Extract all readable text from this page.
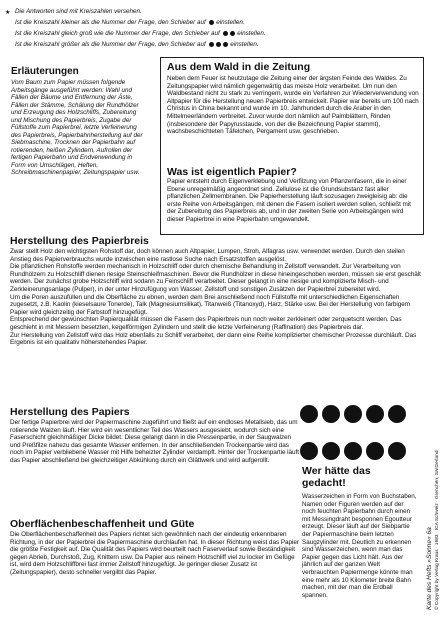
★ Die Antworten sind mit Kreiszahlen versehen.
Ist die Kreiszahl kleiner als die Nummer der Frage, den Schieber auf einstellen.
Ist die Kreiszahl gleich groß wie die Nummer der Frage, den Schieber auf	einstellen.
Ist die Kreiszahl größer als die Nummer der Frage, den Schieber auf	einstellen.
Erläuterungen
Vom Baum zum Papier müssen folgende Arbeitsgänge ausgeführt werden: Wahl und Fällen der Bäume und Entfernung der Äste, Fällen der Stämme, Schälung der Rundhölzer und Erzeugung des Holzschliffs, Zubereitung und Mischung des Papierbreis, Zugabe der Füllstoffe zum Papierbrei, letzte Verfeinerung des Papierbreis, Papierbahnherstellung auf der Siebmaschine, Trocknen der Papierbahn auf rotierenden, heißen Zylindern, Aufrollen der fertigen Papierbahn und Endverwendung in Form von Umschlägen, Heften, Schreibmaschinenpapier, Zeitungspapier usw.
Aus dem Wald in die Zeitung
Neben dem Feuer ist heutzutage die Zeitung einer der ärgsten Feinde des Waldes. Zu Zeitungspapier wird nämlich gegenwärtig das meiste Holz verarbeitet. Um nun den Waldbestand nicht zu stark zu verringern, wurde ein Verfahren zur Wiederverwendung von Altpapier für die Herstellung neuen Papierbreis entwickelt. Papier war bereits um 100 nach Christus in China bekannt und wurde im 10. Jahrhundert durch die Araber in den Mittelmeerländern verbreitet. Zuvor wurde dort nämlich auf Palmblättern, Rinden (insbesondere der Papyrusstaude, von der die Bezeichnung Papier stammt), wachsbeschichteten Täfelchen, Pergament usw. geschrieben.
Was ist eigentlich Papier?
Papier entsteht durch Eigenverklebung und Verfilzung von Pflanzenfasern, die in einer Ebene unregelmäßig angeordnet sind. Zellulose ist die Grundsubstanz fast aller pflanzlichen Zellmembranen. Die Papierherstellung läuft sozusagen zweigleisig ab: die erste Reihe von Arbeitsgängen, mit denen die Fasern isoliert werden sollen, schließt mit der Zubereitung des Papierbreis ab, und in der zweiten Serie von Arbeitsgängen wird dieser Papierbrei in eine Papierbahn umgewandelt.
Herstellung des Papierbreis
Zwar stellt Holz den wichtigsten Rohstoff dar, doch können auch Altpapier, Lumpen, Stroh, Alfagras usw. verwendet werden. Durch den steilen Anstieg des Papierverbrauchs wurde inzwischen eine rastlose Suche nach Ersatzstoffen ausgelöst.
Die pflanzlichen Rohstoffe werden mechanisch in Holzschliff oder durch chemische Behandlung in Zellstoff verwandelt. Zur Verarbeitung von Rundhölzern zu Holzschliff dienen riesige Steinschleifmaschinen. Bevor die Rundhölzer in diese hineingeschoben werden, müssen sie erst geschält werden. Der zunächst grobe Holzschliff wird sodann zu Feinschliff verarbeitet. Dieser gelangt in eine riesige und komplizierte Misch- und Zerkleinerungsanlage (Pulper), in der unter Hinzufügung von Wasser, Zellstoff und sonstigen Zusätzen der Papierbrei zubereitet wird.
Um die Poren auszufüllen und die Oberfläche zu ebnen, werden dem Brei anschließend noch Füllstoffe mit unterschiedlichen Eigenschaften zugesetzt, z.B. Kaolin (kieselsaure Tonerde), Talk (Magnesiumsilikat), Titanweiß (Titanoxyd), Harz, Stärke usw. Bei der Herstellung von farbigem Papier wird gleichzeitig der Farbstoff hinzugefügt.
Entsprechend der gewünschten Papierqualität müssen die Fasern des Papierbreis nun noch weiter zerkleinert oder zerquetscht werden. Das geschieht in mit Messern besetzten, kegelförmigen Zylindern und stellt die letzte Verfeinerung (Raffination) des Papierbreis dar.
Zur Herstellung von Zellstoff wird das Holz ebenfalls zu Schliff verarbeitet, der dann eine Reihe komplizierter chemischer Prozesse durchläuft. Das Ergebnis ist ein qualitativ höherstehendes Papier.
Herstellung des Papiers
Der fertige Papierbrei wird der Papiermaschine zugeführt und fließt auf ein endloses Metallsieb, das um rotierende Walzen läuft. Hier wird ein wesentlicher Teil des Wassers ausgesiebt, wodurch sich eine Faserschicht gleichmäßiger Dicke bildet. Diese gelangt dann in die Pressenpartie, in der Saugwalzen und Preßfilze nahezu das gesamte Wasser entfernen. In der anschließenden Trockenpartie wird das noch im Papier verbliebene Wasser mit Hilfe beheizter Zylinder verdampft. Hinter der Trockenpartie läuft das Papier abschließend bei gleichzeitiger Abkühlung durch ein Glättwerk und wird aufgerollt.
Oberflächenbeschaffenheit und Güte
Die Oberflächenbeschaffenheit des Papiers richtet sich gewöhnlich nach der eindeutig erkennbaren Richtung, in der der Papierbrei die Papiermaschine durchlaufen hat. In dieser Richtung weist das Papier die größte Festigkeit auf. Die Qualität des Papiers wird beurteilt nach Faserverlauf sowie Beständigkeit gegen Abrieb, Durchstoß, Zug, Knittern usw. Da Papier aus reinem Holzschliff viel zu locker im Gefüge ist, wird dem Holzschliffbrei fast immer Zellstoff hinzugefügt. Je geringer dieser Zusatz ist (Zeitungspapier), desto schneller vergilbt das Papier.
Wer hätte das gedacht!
Wasserzeichen in Form von Buchstaben, Namen oder Figuren werden auf der noch feuchten Papierbahn durch einen mit Messingdraht besponnen Egoutteur erzeugt. Dieser läuft auf der Siebpartie der Papiermaschine beim letzten Saugzylinder mit. Deutlich zu erkennen sind Wasserzeichen, wenn man das Papier gegen das Licht hält. Aus der jährlich auf der ganzen Welt verbrauchten Papiermenge könnte man eine mehr als 10 Kilometer breite Bahn machen, mit der man die Erdball spannen.	Karte des Hefts »Sonne« 6a © Copyright by Verlag Kraus · 1983 · ICA Schweiz · Grenchen, Switzerland
